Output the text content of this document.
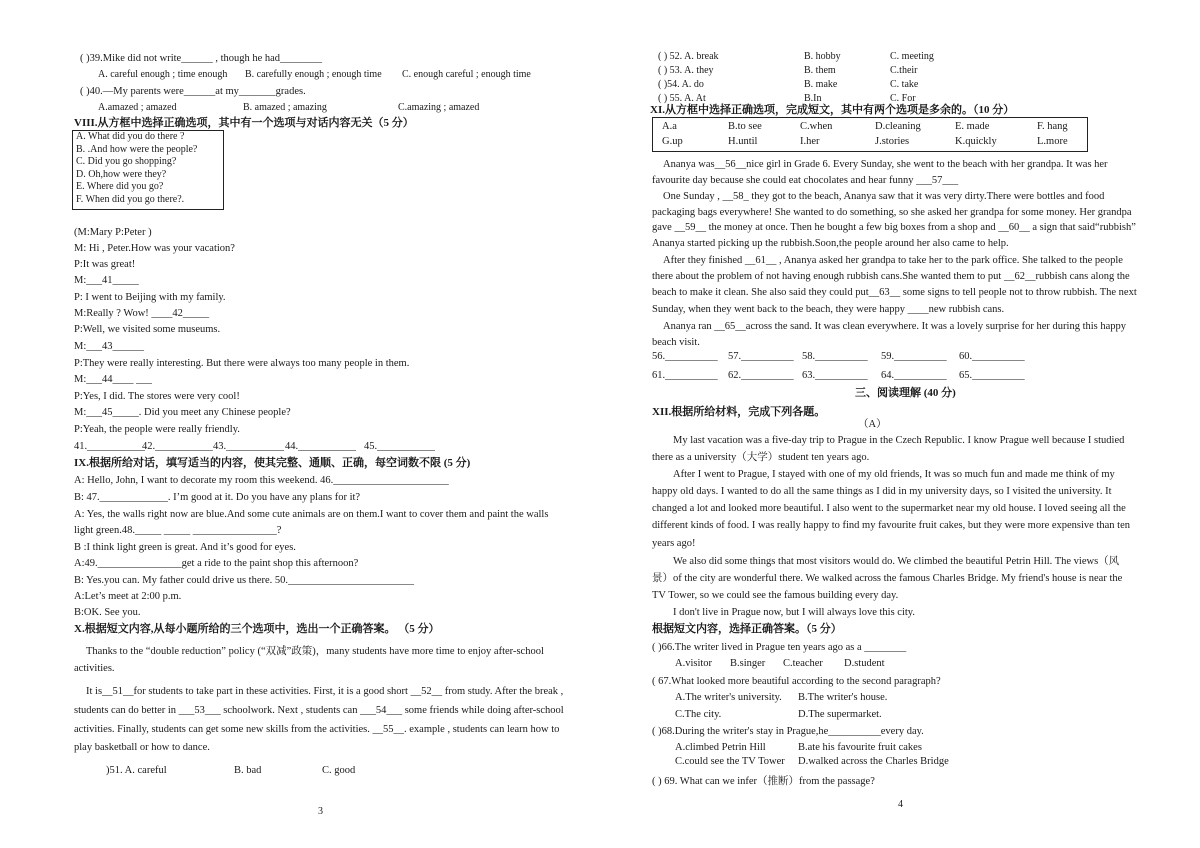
( )39.Mike did not write______ , though he had________
A. careful enough ; time enough B. carefully enough ; enough time C. enough careful ; enough time
( )40.—My parents were______at my_______grades.
A.amazed ; amazed	B. amazed ; amazing	C.amazing ; amazed
VIII.从方框中选择正确选项，其中有一个选项与对话内容无关（5 分）
A. What did you do there ?
B. .And how were the people?
C. Did you go shopping?
D. Oh,how were they?
E. Where did you go?
F. When did you go there?.
(M:Mary P:Peter )
M: Hi , Peter.How was your vacation?
P:It was great!
M:___41_____
P: I went to Beijing with my family.
M:Really ? Wow! ____42_____
P:Well, we visited some museums.
M:___43______
P:They were really interesting. But there were always too many people in them.
M:___44____ ___
P:Yes, I did. The stores were very cool!
M:___45_____. Did you meet any Chinese people?
P:Yeah, the people were really friendly.
41.___________
42.___________ 43.___________ 44.___________ 45.___________
IX.根据所给对话，填写适当的内容，使其完整、通顺、正确，每空词数不限 (5 分)
A: Hello, John, I want to decorate my room this weekend. 46.______________________
B: 47._____________. I’m good at it. Do you have any plans for it?
A: Yes, the walls right now are blue.And some cute animals are on them.I want to cover them and paint the walls
light green.48._____ _____ ________________?
B :I think light green is great. And it’s good for eyes.
A:49.________________get a ride to the paint shop this afternoon?
B: Yes.you can. My father could drive us there. 50.________________________
A:Let’s meet at 2:00 p.m.
B:OK. See you.
X.根据短文内容,从每小题所给的三个选项中，选出一个正确答案。 （5 分）
Thanks to the “double reduction” policy (“双减”政策)，many students have more time to enjoy after-school
activities.
It is__51__for students to take part in these activities. First, it is a good short __52__ from study. After the break ,
students can do better in ___53___ schoolwork. Next , students can ___54___ some friends while doing after-school
activities. Finally, students can get some new skills from the activities. __55__. example , students can learn how to
play basketball or how to dance.
)51. A. careful	B. bad	C. good
3
( ) 52. A. break	B. hobby	C. meeting
( ) 53. A. they	B. them	C.their
( )54. A. do	B. make	C. take
( ) 55. A. At	B.In	C. For
XI.从方框中选择正确选项，完成短文，其中有两个选项是多余的。（10 分）
A.a	B.to see	C.when	D.cleaning	E. made	F. hang
G.up	H.until	I.her	J.stories	K.quickly	L.more
Ananya was__56__nice girl in Grade 6. Every Sunday, she went to the beach with her grandpa. It was her
favourite day because she could eat chocolates and hear funny ___57___
One Sunday , __58_ they got to the beach, Ananya saw that it was very dirty.There were bottles and food
packaging bags everywhere! She wanted to do something, so she asked her grandpa for some money. Her grandpa
gave __59__ the money at once. Then he bought a few big boxes from a shop and __60__ a sign that said“rubbish”
Ananya started picking up the rubbish.Soon,the people around her also came to help.
After they finished __61__ , Ananya asked her grandpa to take her to the park office. She talked to the people
there about the problem of not having enough rubbish cans.She wanted them to put __62__rubbish cans along the
beach to make it clean. She also said they could put__63__ some signs to tell people not to throw rubbish. The next
Sunday, when they went back to the beach, they were happy ____new rubbish cans.
Ananya ran __65__across the sand. It was clean everywhere. It was a lovely surprise for her during this happy
beach visit.
56.__________ 57.__________ 58.__________ 59.__________ 60.__________
61.__________ 62.__________ 63.__________ 64.__________ 65.__________
三、阅读理解 (40 分)
XII.根据所给材料，完成下列各题。
（A）
My last vacation was a five-day trip to Prague in the Czech Republic. I know Prague well because I studied
there as a university（大学）student ten years ago.
After I went to Prague, I stayed with one of my old friends, It was so much fun and made me think of my
happy old days. I wanted to do all the same things as I did in my university days, so I visited the university. It
changed a lot and looked more beautiful. I also went to the supermarket near my old house. I loved seeing all the
different kinds of food. I was really happy to find my favourite fruit cakes, but they were more expensive than ten
years ago!
We also did some things that most visitors would do. We climbed the beautiful Petrin Hill. The views（风
景）of the city are wonderful there. We walked across the famous Charles Bridge. My friend's house is near the
TV Tower, so we could see the famous building every day.
I don't live in Prague now, but I will always love this city.
根据短文内容，选择正确答案。（5 分）
( )66.The writer lived in Prague ten years ago as a ________
A.visitor B.singer C.teacher D.student
( 67.What looked more beautiful according to the second paragraph?
A.The writer's university. B.The writer's house.
C.The city.	D.The supermarket.
( )68.During the writer's stay in Prague,he__________every day.
A.climbed Petrin Hill	B.ate his favourite fruit cakes
C.could see the TV Tower D.walked across the Charles Bridge
( ) 69. What can we infer（推断）from the passage?
4
